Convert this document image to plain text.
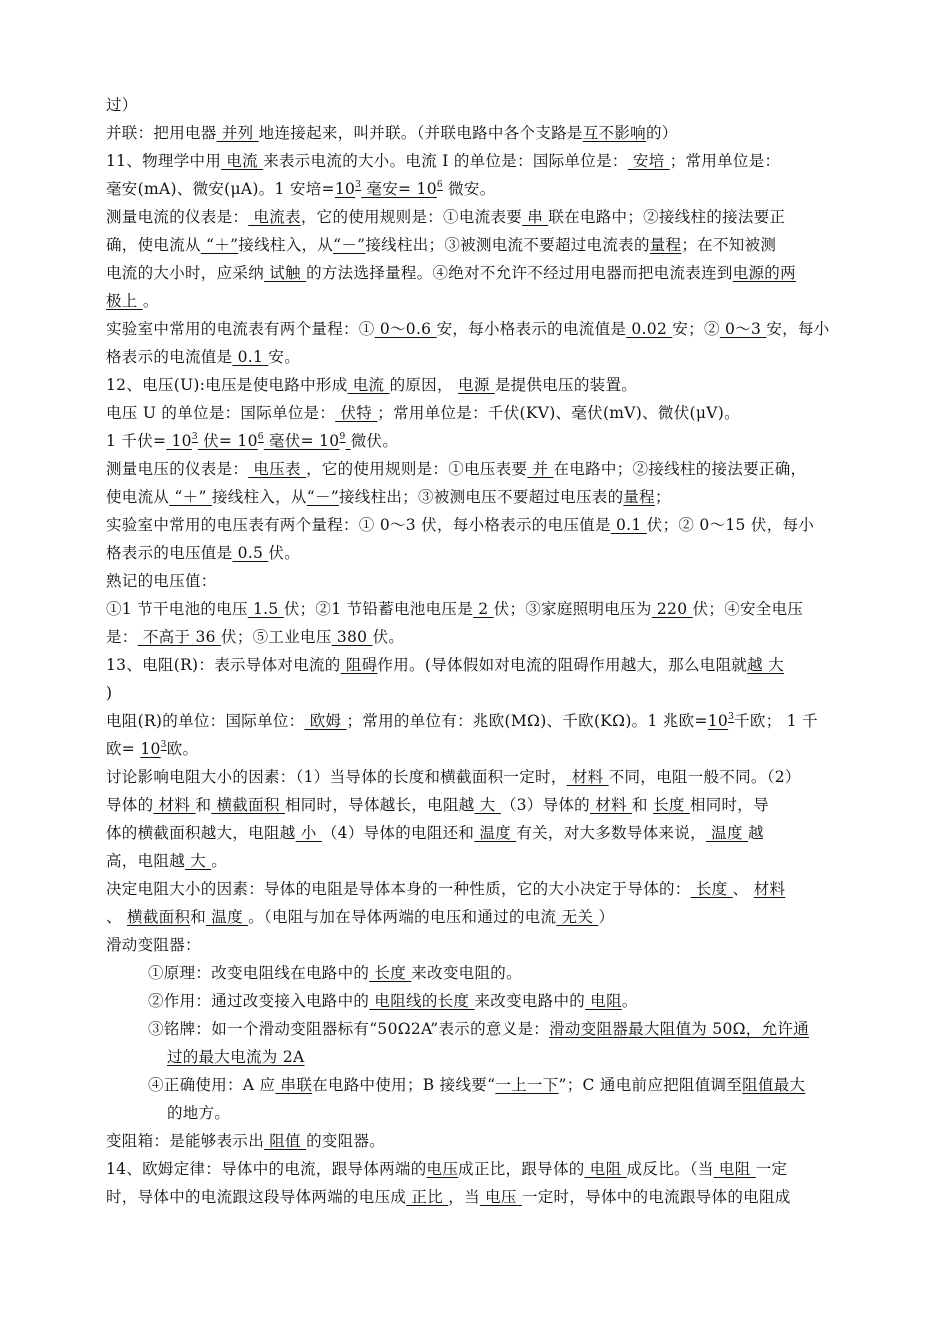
过）
并联：把用电器 并列 地连接起来，叫并联。（并联电路中各个支路是互不影响的）
11、物理学中用 电流 来表示电流的大小。电流 I 的单位是：国际单位是： 安培 ；常用单位是：
毫安(mA)、微安(μA)。1 安培$=10^3$ 毫安= $10^6$ 微安。
测量电流的仪表是： 电流表，它的使用规则是：①电流表要 串 联在电路中；②接线柱的接法要正
确，使电流从 “＋”接线柱入，从“－”接线柱出；③被测电流不要超过电流表的量程；在不知被测
电流的大小时，应采纳 试触 的方法选择量程。④绝对不允许不经过用电器而把电流表连到电源的两
极上 。
实验室中常用的电流表有两个量程：① 0～0.6 安，每小格表示的电流值是 0.02 安；② 0～3 安，每小
格表示的电流值是 0.1 安。
12、电压(U):电压是使电路中形成 电流 的原因， 电源 是提供电压的装置。
电压 U 的单位是：国际单位是： 伏特 ；常用单位是：千伏(KV)、毫伏(mV)、微伏(μV)。
1 千伏= $10^3$ 伏= $10^6$ 毫伏= $10^9$ 微伏。
测量电压的仪表是： 电压表 ，它的使用规则是：①电压表要 并 在电路中；②接线柱的接法要正确，
使电流从 “＋” 接线柱入，从“－”接线柱出；③被测电压不要超过电压表的量程；
实验室中常用的电压表有两个量程：① 0～3 伏，每小格表示的电压值是 0.1 伏；② 0～15 伏，每小
格表示的电压值是 0.5 伏。
熟记的电压值：
①1 节干电池的电压 1.5 伏；②1 节铅蓄电池电压是 2 伏；③家庭照明电压为 220 伏；④安全电压
是： 不高于 36 伏；⑤工业电压 380 伏。
13、电阻(R)：表示导体对电流的 阻碍作用。(导体假如对电流的阻碍作用越大，那么电阻就越 大
)
电阻(R)的单位：国际单位： 欧姆 ；常用的单位有：兆欧(MΩ)、千欧(KΩ)。1 兆欧$=10^3$千欧； 1 千
欧= $10^3$欧。
讨论影响电阻大小的因素：（1）当导体的长度和横截面积一定时， 材料 不同，电阻一般不同。（2）
导体的 材料 和 横截面积 相同时，导体越长，电阻越 大 （3）导体的 材料 和 长度 相同时，导
体的横截面积越大，电阻越 小 （4）导体的电阻还和 温度 有关，对大多数导体来说， 温度 越
高，电阻越 大 。
决定电阻大小的因素：导体的电阻是导体本身的一种性质，它的大小决定于导体的： 长度 、 材料
、 横截面积和 温度 。（电阻与加在导体两端的电压和通过的电流 无关 ）
滑动变阻器：
①原理：改变电阻线在电路中的 长度 来改变电阻的。
②作用：通过改变接入电路中的 电阻线的长度 来改变电路中的 电阻。
③铭牌：如一个滑动变阻器标有“50Ω2A”表示的意义是：滑动变阻器最大阻值为 50Ω，允许通
过的最大电流为 2A
④正确使用：A 应 串联在电路中使用；B 接线要“一上一下”；C 通电前应把阻值调至阻值最大
的地方。
变阻箱：是能够表示出 阻值 的变阻器。
14、欧姆定律：导体中的电流，跟导体两端的电压成正比，跟导体的 电阻 成反比。（当 电阻 一定
时，导体中的电流跟这段导体两端的电压成 正比 ，当 电压 一定时，导体中的电流跟导体的电阻成
